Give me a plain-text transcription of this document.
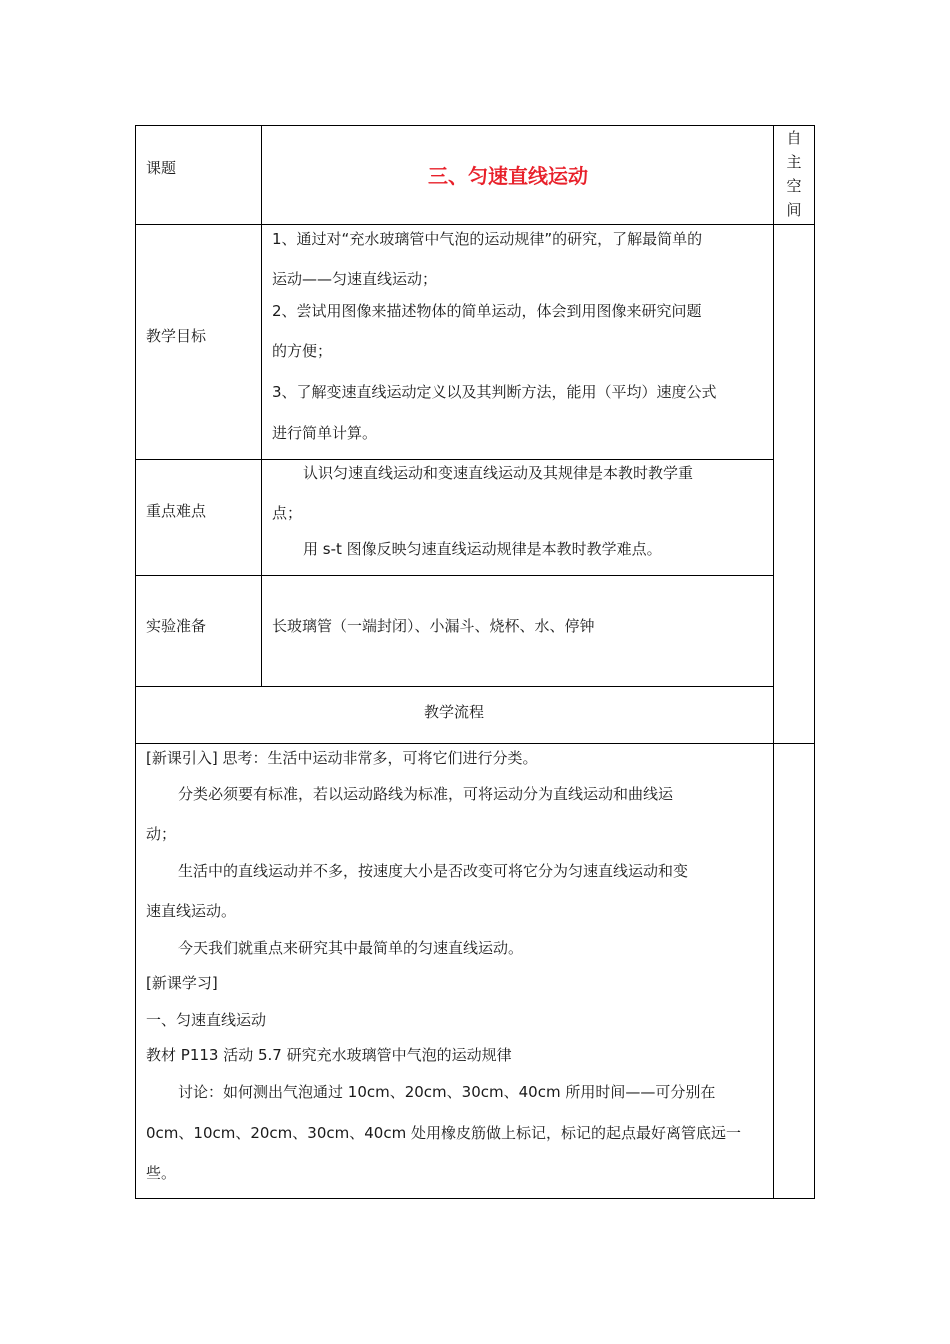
课题	三、匀速直线运动
自
主
空
间
教学目标
1、通过对“充水玻璃管中气泡的运动规律”的研究，了解最简单的
运动——匀速直线运动；
2、尝试用图像来描述物体的简单运动，体会到用图像来研究问题
的方便；
3、了解变速直线运动定义以及其判断方法，能用（平均）速度公式
进行简单计算。
重点难点
认识匀速直线运动和变速直线运动及其规律是本教时教学重
点；
用 s-t 图像反映匀速直线运动规律是本教时教学难点。
实验准备	长玻璃管（一端封闭）、小漏斗、烧杯、水、停钟
教学流程
[新课引入] 思考：生活中运动非常多，可将它们进行分类。
分类必须要有标准，若以运动路线为标准，可将运动分为直线运动和曲线运
动；
生活中的直线运动并不多，按速度大小是否改变可将它分为匀速直线运动和变
速直线运动。
今天我们就重点来研究其中最简单的匀速直线运动。
[新课学习]
一、匀速直线运动
教材 P113 活动 5.7 研究充水玻璃管中气泡的运动规律
讨论：如何测出气泡通过 10cm、20cm、30cm、40cm 所用时间——可分别在
0cm、10cm、20cm、30cm、40cm 处用橡皮筋做上标记，标记的起点最好离管底远一
些。
